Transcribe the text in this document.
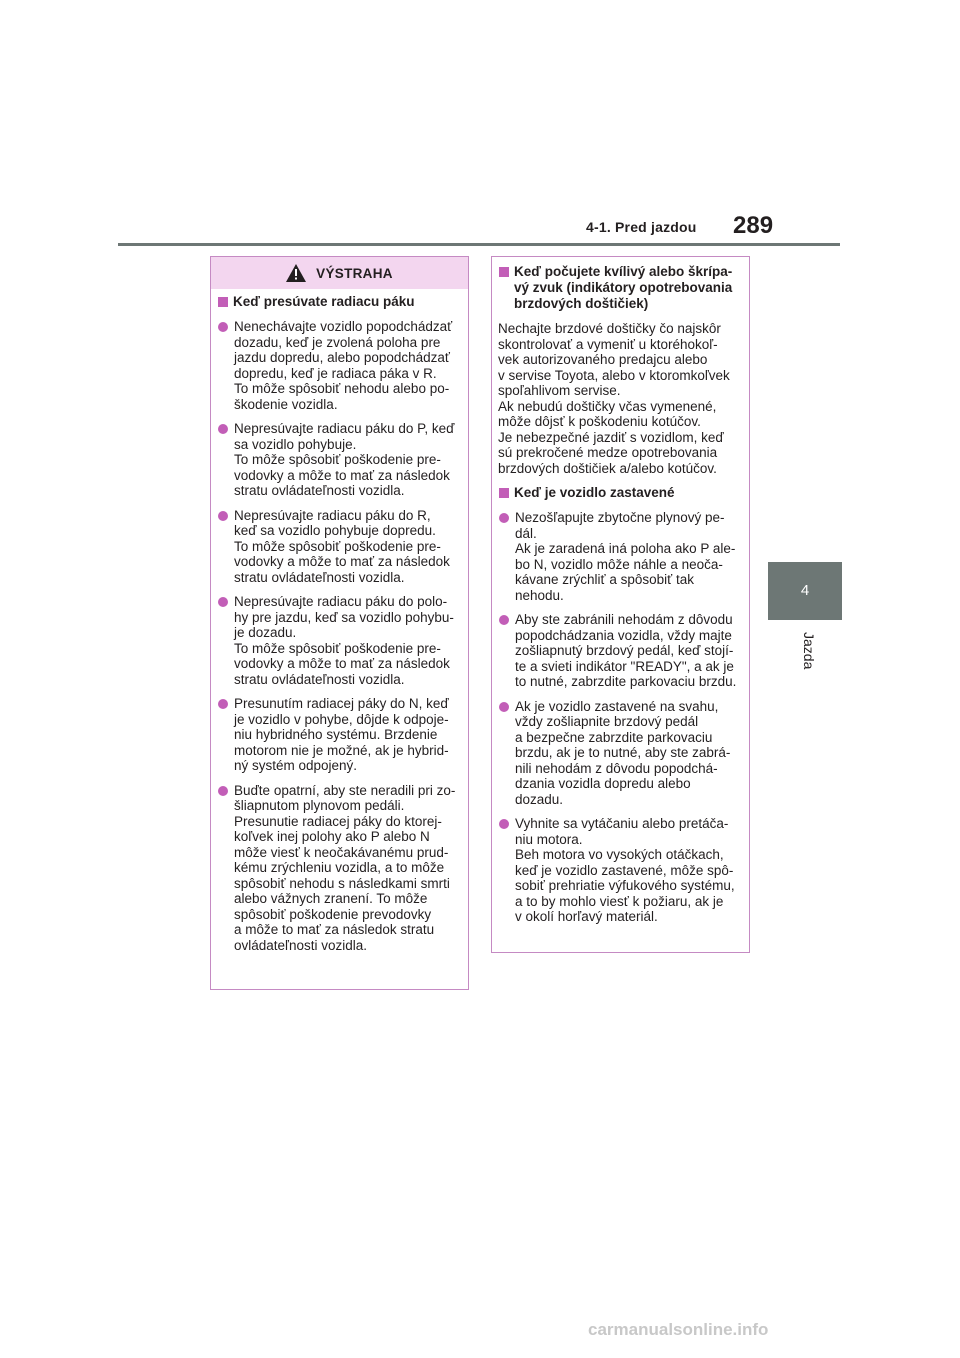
4-1. Pred jazdou 289
4
Jazda
VÝSTRAHA
Keď presúvate radiacu páku
Nenechávajte vozidlo popodchádzať
dozadu, keď je zvolená poloha pre
jazdu dopredu, alebo popodchádzať
dopredu, keď je radiaca páka v R.
To môže spôsobiť nehodu alebo po-
škodenie vozidla.
Nepresúvajte radiacu páku do P, keď
sa vozidlo pohybuje.
To môže spôsobiť poškodenie pre-
vodovky a môže to mať za následok
stratu ovládateľnosti vozidla.
Nepresúvajte radiacu páku do R,
keď sa vozidlo pohybuje dopredu.
To môže spôsobiť poškodenie pre-
vodovky a môže to mať za následok
stratu ovládateľnosti vozidla.
Nepresúvajte radiacu páku do polo-
hy pre jazdu, keď sa vozidlo pohybu-
je dozadu.
To môže spôsobiť poškodenie pre-
vodovky a môže to mať za následok
stratu ovládateľnosti vozidla.
Presunutím radiacej páky do N, keď
je vozidlo v pohybe, dôjde k odpoje-
niu hybridného systému. Brzdenie
motorom nie je možné, ak je hybrid-
ný systém odpojený.
Buďte opatrní, aby ste neradili pri zo-
šliapnutom plynovom pedáli.
Presunutie radiacej páky do ktorej-
koľvek inej polohy ako P alebo N
môže viesť k neočakávanému prud-
kému zrýchleniu vozidla, a to môže
spôsobiť nehodu s následkami smrti
alebo vážnych zranení. To môže
spôsobiť poškodenie prevodovky
a môže to mať za následok stratu
ovládateľnosti vozidla.
Keď počujete kvílivý alebo škrípa-
vý zvuk (indikátory opotrebovania
brzdových doštičiek)

Nechajte brzdové doštičky čo najskôr
skontrolovať a vymeniť u ktoréhokoľ-
vek autorizovaného predajcu alebo
v servise Toyota, alebo v ktoromkoľvek
spoľahlivom servise.
Ak nebudú doštičky včas vymenené,
môže dôjsť k poškodeniu kotúčov.
Je nebezpečné jazdiť s vozidlom, keď
sú prekročené medze opotrebovania
brzdových doštičiek a/alebo kotúčov.

Keď je vozidlo zastavené
Nezošľapujte zbytočne plynový pe-
dál.
Ak je zaradená iná poloha ako P ale-
bo N, vozidlo môže náhle a neoča-
kávane zrýchliť a spôsobiť tak
nehodu.
Aby ste zabránili nehodám z dôvodu
popodchádzania vozidla, vždy majte
zošliapnutý brzdový pedál, keď stojí-
te a svieti indikátor "READY", a ak je
to nutné, zabrzdite parkovaciu brzdu.
Ak je vozidlo zastavené na svahu,
vždy zošliapnite brzdový pedál
a bezpečne zabrzdite parkovaciu
brzdu, ak je to nutné, aby ste zabrá-
nili nehodám z dôvodu popodchá-
dzania vozidla dopredu alebo
dozadu.
Vyhnite sa vytáčaniu alebo pretáča-
niu motora.
Beh motora vo vysokých otáčkach,
keď je vozidlo zastavené, môže spô-
sobiť prehriatie výfukového systému,
a to by mohlo viesť k požiaru, ak je
v okolí horľavý materiál.
carmanualsonline.info
